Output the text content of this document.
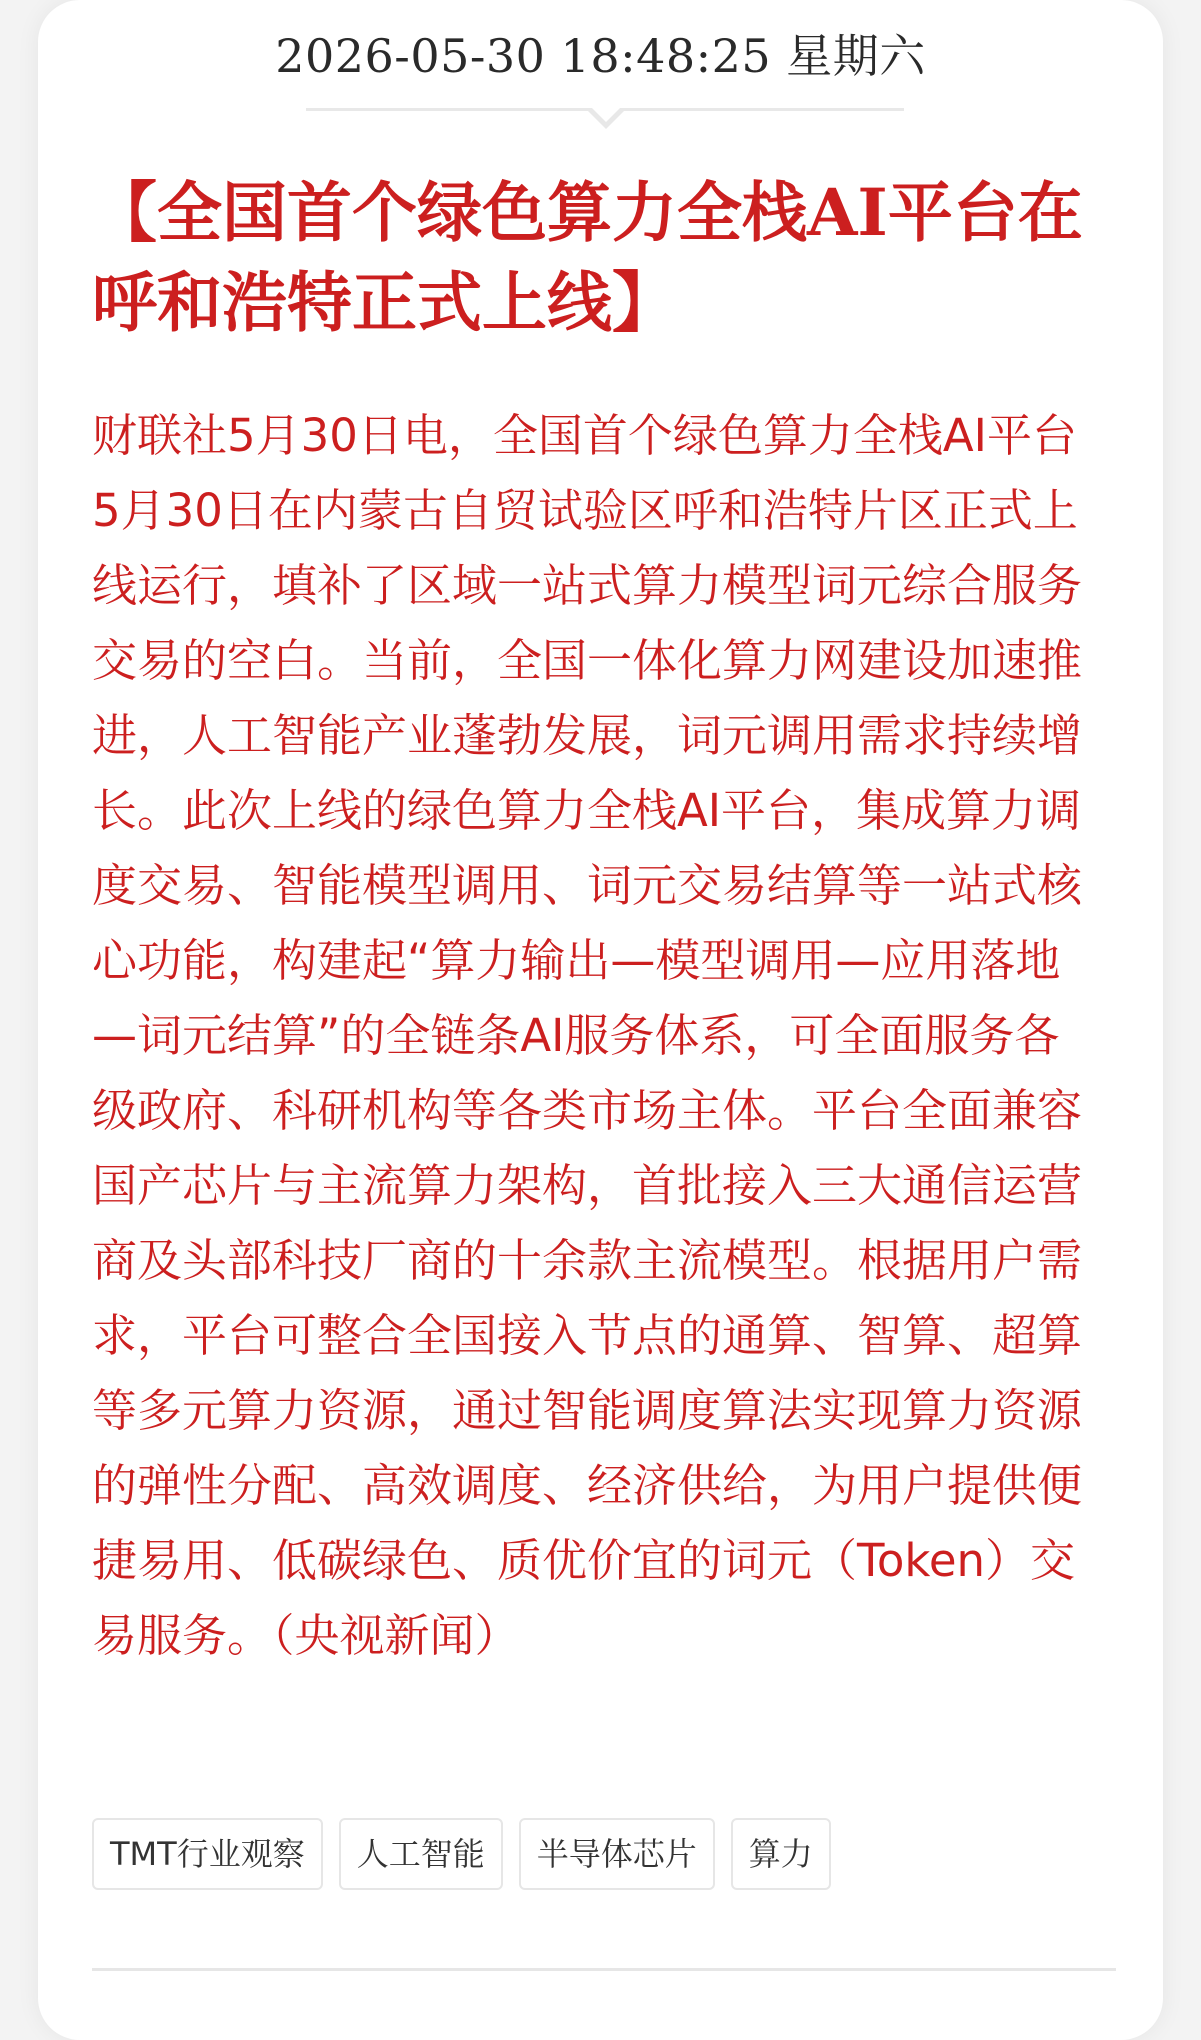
2026-05-30 18:48:25 星期六
【全国首个绿色算力全栈AI平台在呼和浩特正式上线】

财联社5月30日电，全国首个绿色算力全栈AI平台5月30日在内蒙古自贸试验区呼和浩特片区正式上线运行，填补了区域一站式算力模型词元综合服务交易的空白。当前，全国一体化算力网建设加速推进，人工智能产业蓬勃发展，词元调用需求持续增长。此次上线的绿色算力全栈AI平台，集成算力调度交易、智能模型调用、词元交易结算等一站式核心功能，构建起“算力输出—模型调用—应用落地—词元结算”的全链条AI服务体系，可全面服务各级政府、科研机构等各类市场主体。平台全面兼容国产芯片与主流算力架构，首批接入三大通信运营商及头部科技厂商的十余款主流模型。根据用户需求，平台可整合全国接入节点的通算、智算、超算等多元算力资源，通过智能调度算法实现算力资源的弹性分配、高效调度、经济供给，为用户提供便捷易用、低碳绿色、质优价宜的词元（Token）交易服务。（央视新闻）

TMT行业观察	人工智能	半导体芯片	算力
